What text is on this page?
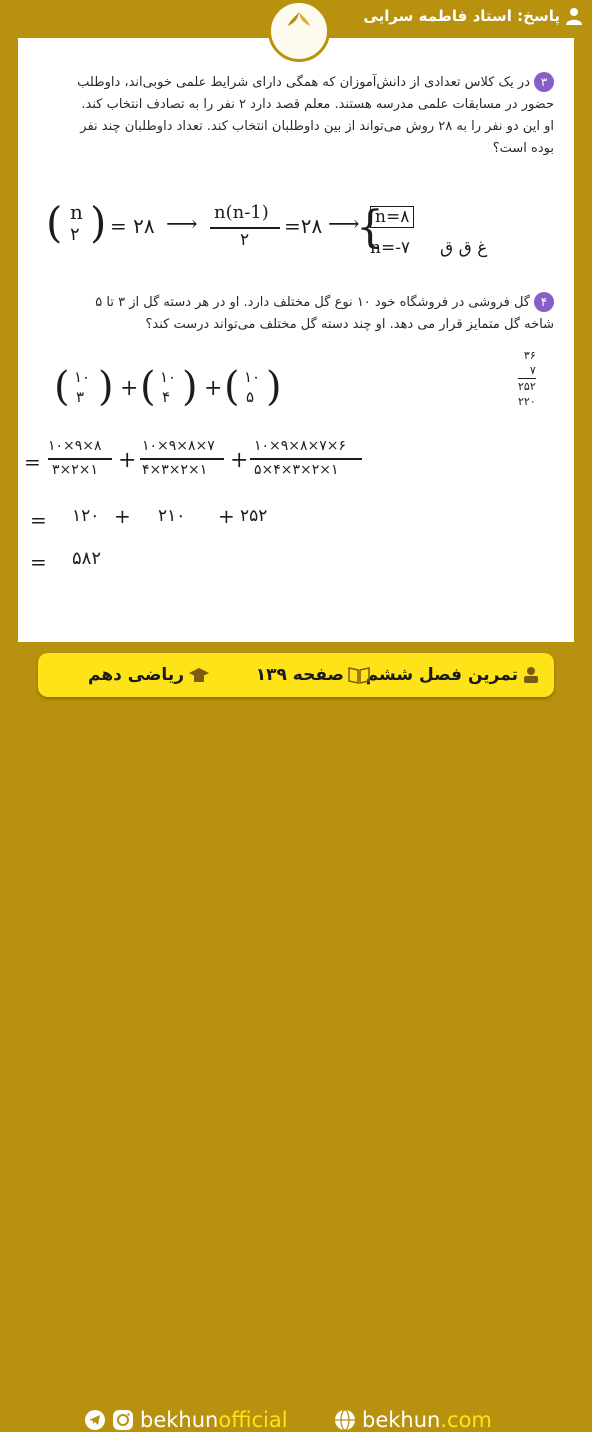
پاسخ: استاد فاطمه سرایی
۳در یک کلاس تعدادی از دانش‌آموزان که همگی دارای شرایط علمی خوبی‌اند، داوطلب
حضور در مسابقات علمی مدرسه هستند. معلم قصد دارد ۲ نفر را به تصادف انتخاب کند.
او این دو نفر را به ۲۸ روش می‌تواند از بین داوطلبان انتخاب کند. تعداد داوطلبان چند نفر
بوده است؟
( n
۲ ) = ۲۸ ⟶ n(n-1)
۲
=۲۸ ⟶
{
n=۸
n=-۷ غ ق ق
۴گل فروشی در فروشگاه خود ۱۰ نوع گل مختلف دارد. او در هر دسته گل از ۳ تا ۵
شاخه گل متمایز قرار می دهد. او چند دسته گل مختلف می‌تواند درست کند؟
( ۱۰
۳ ) + ( ۱۰
۴ ) + ( ۱۰
۵ )
۳۶
۷
۲۵۲
۲۲۰
=
۱۰×۹×۸
۳×۲×۱ +
۱۰×۹×۸×۷
۴×۳×۲×۱ +
۱۰×۹×۸×۷×۶
۵×۴×۳×۲×۱
= ۱۲۰ + ۲۱۰ + ۲۵۲
= ۵۸۲
تمرین فصل ششم
صفحه ۱۳۹
ریاضی دهم
bekhunofficial	bekhun.com
